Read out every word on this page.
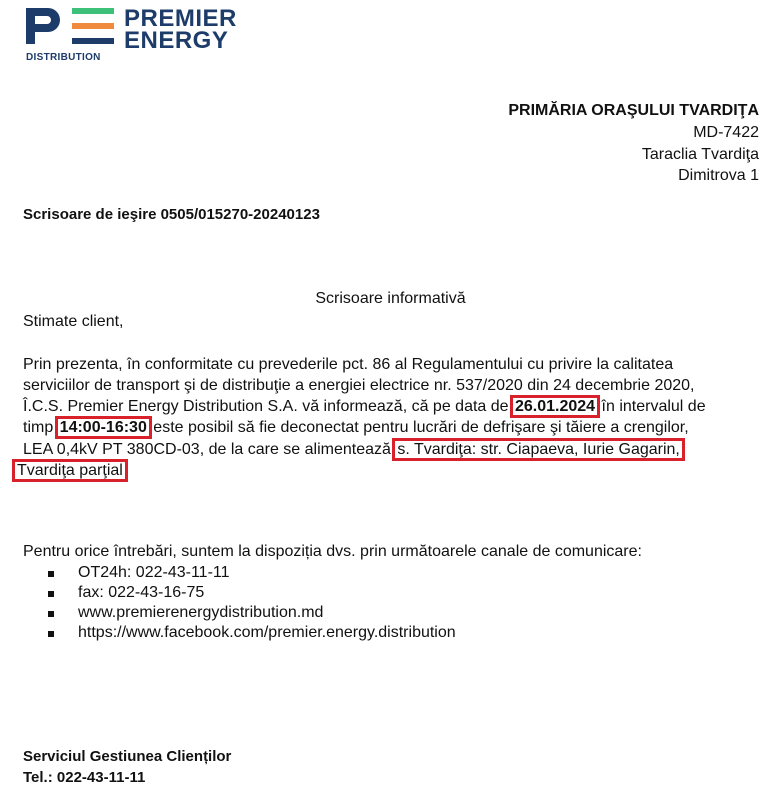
PREMIER
ENERGY
DISTRIBUTION
PRIMĂRIA ORAŞULUI TVARDIŢA
MD-7422
Taraclia Tvardiţa
Dimitrova 1
Scrisoare de ieşire 0505/015270-20240123
Scrisoare informativă
Stimate client,
Prin prezenta, în conformitate cu prevederile pct. 86 al Regulamentului cu privire la calitatea
serviciilor de transport şi de distribuţie a energiei electrice nr. 537/2020 din 24 decembrie 2020,
Î.C.S. Premier Energy Distribution S.A. vă informează, că pe data de 26.01.2024 în intervalul de
timp 14:00-16:30 este posibil să fie deconectat pentru lucrări de defrişare şi tăiere a crengilor,
LEA 0,4kV PT 380CD-03, de la care se alimentează s. Tvardiţa: str. Ciapaeva, Iurie Gagarin,
Tvardiţa parţial
Pentru orice întrebări, suntem la dispoziția dvs. prin următoarele canale de comunicare:
OT24h: 022-43-11-11
fax: 022-43-16-75
www.premierenergydistribution.md
https://www.facebook.com/premier.energy.distribution
Serviciul Gestiunea Clienților
Tel.: 022-43-11-11
